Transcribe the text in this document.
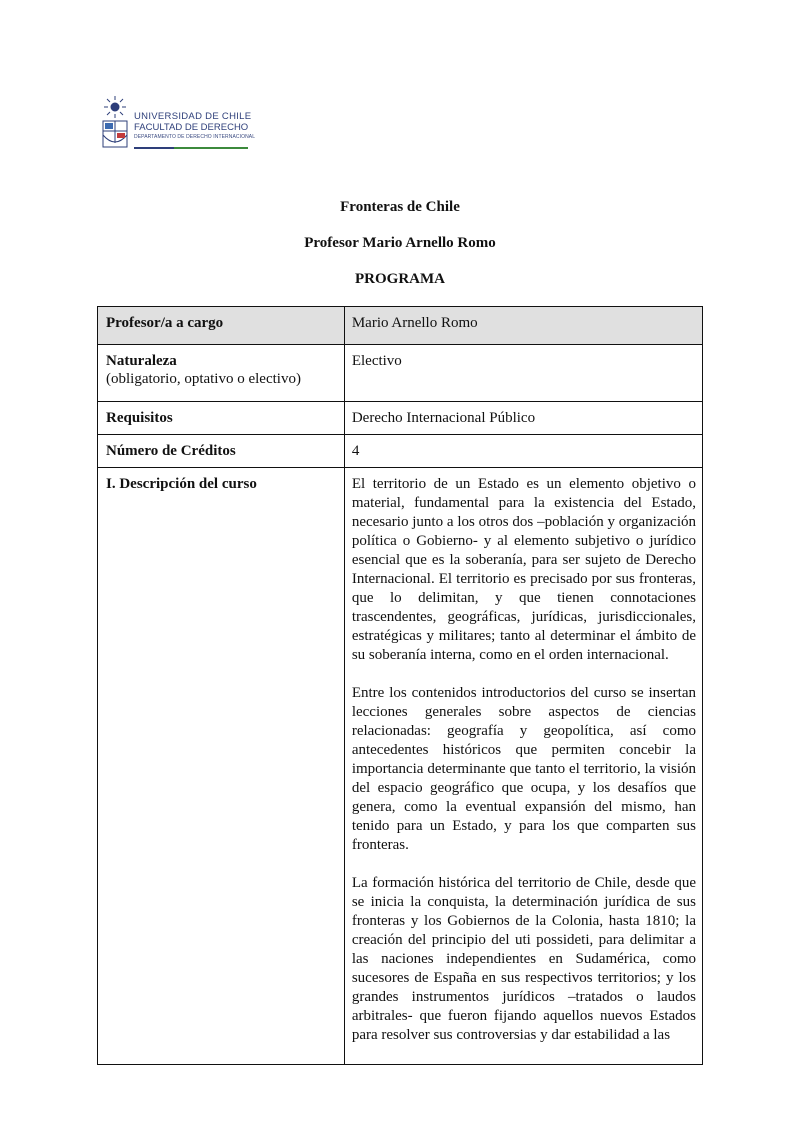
UNIVERSIDAD DE CHILE
FACULTAD DE DERECHO
DEPARTAMENTO DE DERECHO INTERNACIONAL
Fronteras de Chile
Profesor Mario Arnello Romo
PROGRAMA
Profesor/a a cargo	Mario Arnello Romo

Naturaleza
(obligatorio, optativo o electivo)	Electivo

Requisitos	Derecho Internacional Público

Número de Créditos	4

I. Descripción del curso	El territorio de un Estado es un elemento objetivo o material, fundamental para la existencia del Estado, necesario junto a los otros dos –población y organización política o Gobierno- y al elemento subjetivo o jurídico esencial que es la soberanía, para ser sujeto de Derecho Internacional. El territorio es precisado por sus fronteras, que lo delimitan, y que tienen connotaciones trascendentes, geográficas, jurídicas, jurisdiccionales, estratégicas y militares; tanto al determinar el ámbito de su soberanía interna, como en el orden internacional.

Entre los contenidos introductorios del curso se insertan lecciones generales sobre aspectos de ciencias relacionadas: geografía y geopolítica, así como antecedentes históricos que permiten concebir la importancia determinante que tanto el territorio, la visión del espacio geográfico que ocupa, y los desafíos que genera, como la eventual expansión del mismo, han tenido para un Estado, y para los que comparten sus fronteras.

La formación histórica del territorio de Chile, desde que se inicia la conquista, la determinación jurídica de sus fronteras y los Gobiernos de la Colonia, hasta 1810; la creación del principio del uti possideti, para delimitar a las naciones independientes en Sudamérica, como sucesores de España en sus respectivos territorios; y los grandes instrumentos jurídicos –tratados o laudos arbitrales- que fueron fijando aquellos nuevos Estados para resolver sus controversias y dar estabilidad a las
